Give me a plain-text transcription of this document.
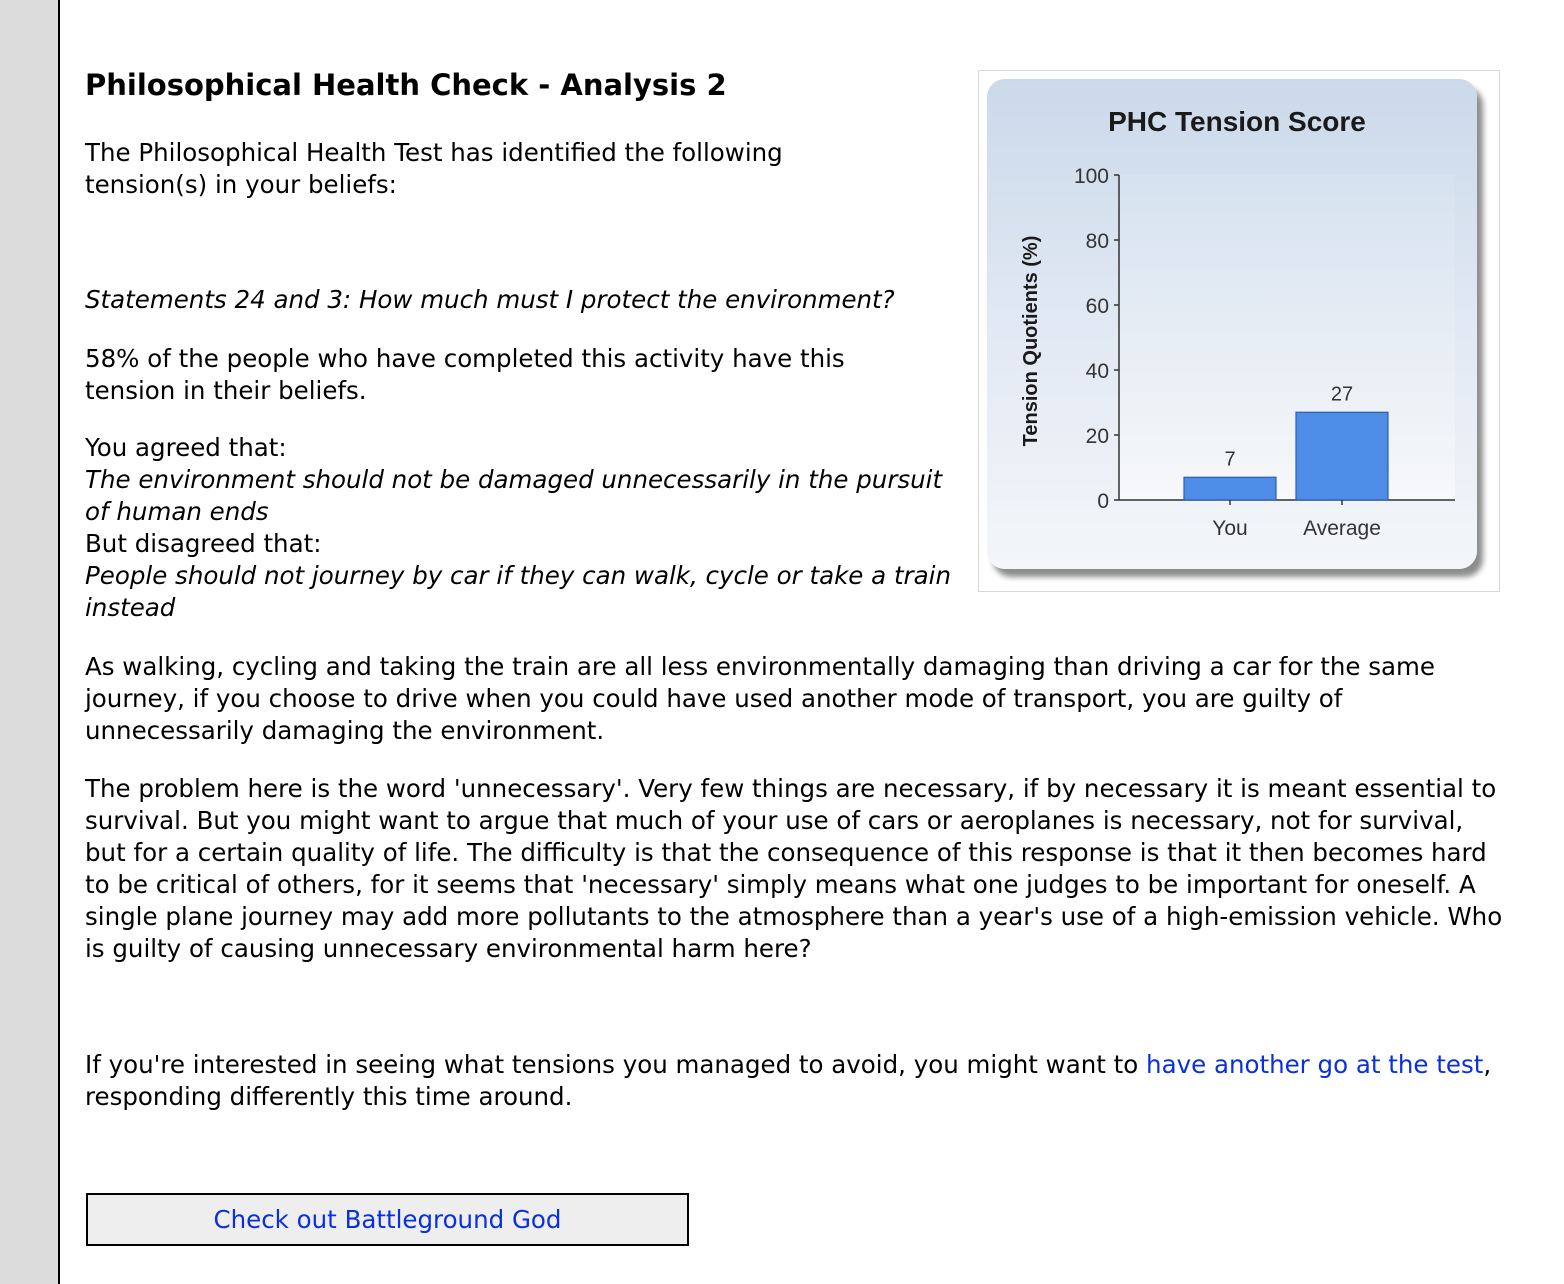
Philosophical Health Check - Analysis 2

The Philosophical Health Test has identified the following tension(s) in your beliefs:

Statements 24 and 3: How much must I protect the environment?

58% of the people who have completed this activity have this tension in their beliefs.

You agreed that:
The environment should not be damaged unnecessarily in the pursuit of human ends
But disagreed that:
People should not journey by car if they can walk, cycle or take a train instead

As walking, cycling and taking the train are all less environmentally damaging than driving a car for the same journey, if you choose to drive when you could have used another mode of transport, you are guilty of unnecessarily damaging the environment.

The problem here is the word 'unnecessary'. Very few things are necessary, if by necessary it is meant essential to survival. But you might want to argue that much of your use of cars or aeroplanes is necessary, not for survival, but for a certain quality of life. The difficulty is that the consequence of this response is that it then becomes hard to be critical of others, for it seems that 'necessary' simply means what one judges to be important for oneself. A single plane journey may add more pollutants to the atmosphere than a year's use of a high-emission vehicle. Who is guilty of causing unnecessary environmental harm here?

If you're interested in seeing what tensions you managed to avoid, you might want to have another go at the test, responding differently this time around.

PHC Tension Score
Tension Quotients (%)
0
20
40
60
80
100
7
You
27
Average
Check out Battleground God
